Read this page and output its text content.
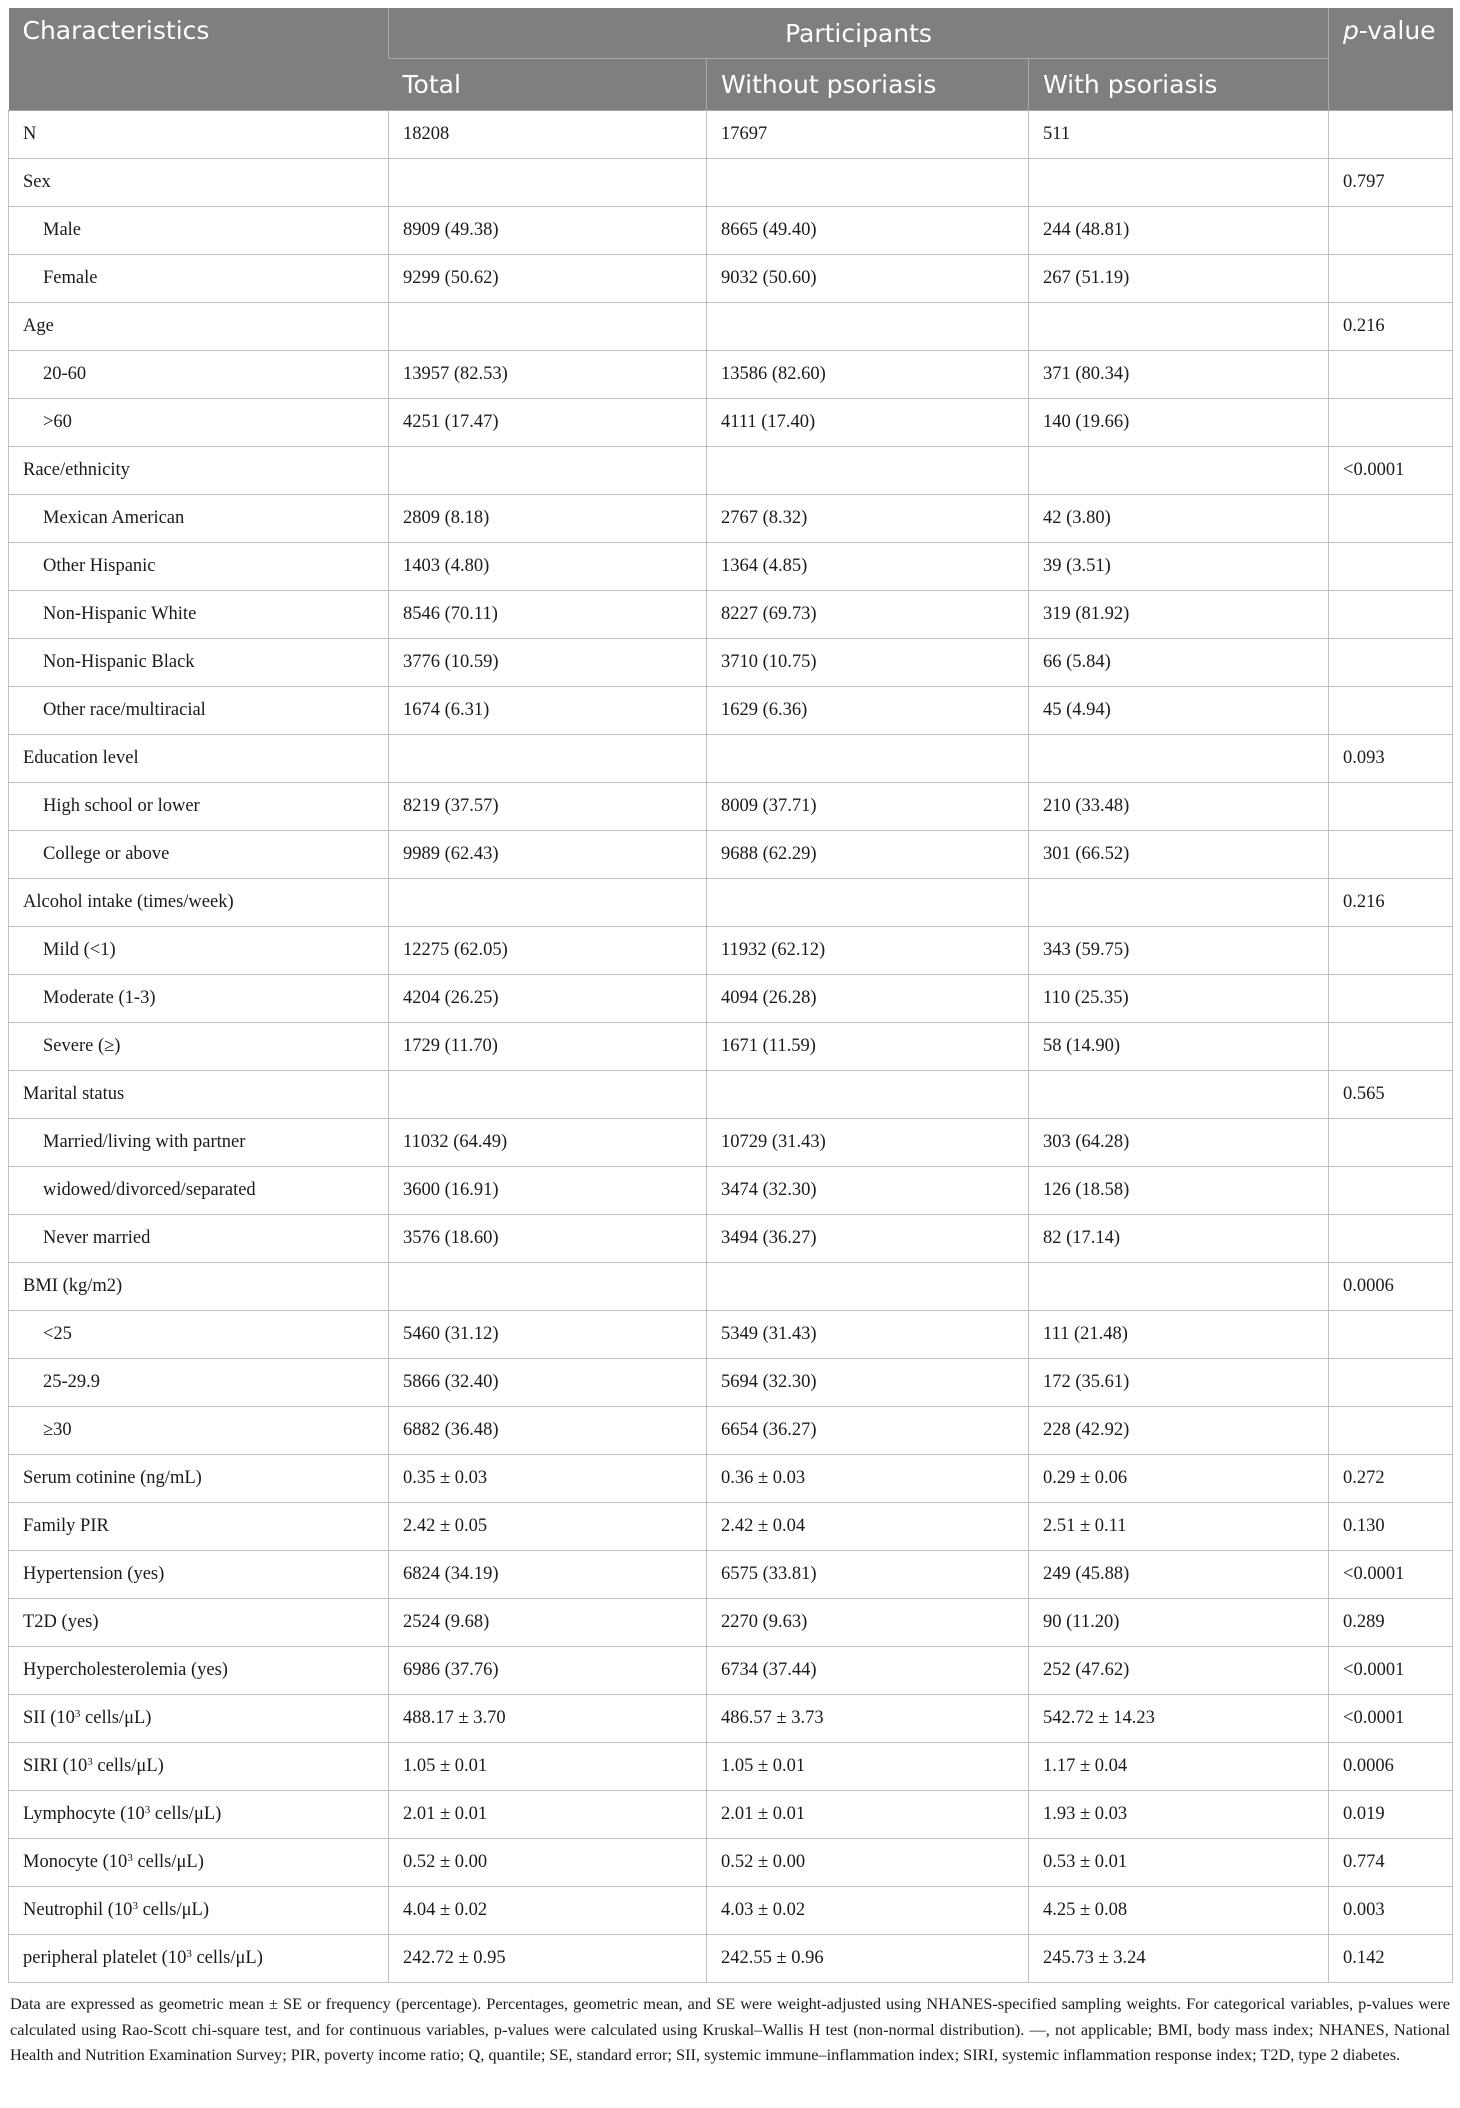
Characteristics	Participants			p-value
	Total	Without psoriasis	With psoriasis	
N	18208	17697	511	
Sex				0.797
Male	8909 (49.38)	8665 (49.40)	244 (48.81)	
Female	9299 (50.62)	9032 (50.60)	267 (51.19)	
Age				0.216
20-60	13957 (82.53)	13586 (82.60)	371 (80.34)	
>60	4251 (17.47)	4111 (17.40)	140 (19.66)	
Race/ethnicity				<0.0001
Mexican American	2809 (8.18)	2767 (8.32)	42 (3.80)	
Other Hispanic	1403 (4.80)	1364 (4.85)	39 (3.51)	
Non-Hispanic White	8546 (70.11)	8227 (69.73)	319 (81.92)	
Non-Hispanic Black	3776 (10.59)	3710 (10.75)	66 (5.84)	
Other race/multiracial	1674 (6.31)	1629 (6.36)	45 (4.94)	
Education level				0.093
High school or lower	8219 (37.57)	8009 (37.71)	210 (33.48)	
College or above	9989 (62.43)	9688 (62.29)	301 (66.52)	
Alcohol intake (times/week)				0.216
Mild (<1)	12275 (62.05)	11932 (62.12)	343 (59.75)	
Moderate (1-3)	4204 (26.25)	4094 (26.28)	110 (25.35)	
Severe (≥)	1729 (11.70)	1671 (11.59)	58 (14.90)	
Marital status				0.565
Married/living with partner	11032 (64.49)	10729 (31.43)	303 (64.28)	
widowed/divorced/separated	3600 (16.91)	3474 (32.30)	126 (18.58)	
Never married	3576 (18.60)	3494 (36.27)	82 (17.14)	
BMI (kg/m2)				0.0006
<25	5460 (31.12)	5349 (31.43)	111 (21.48)	
25-29.9	5866 (32.40)	5694 (32.30)	172 (35.61)	
≥30	6882 (36.48)	6654 (36.27)	228 (42.92)	
Serum cotinine (ng/mL)	0.35 ± 0.03	0.36 ± 0.03	0.29 ± 0.06	0.272
Family PIR	2.42 ± 0.05	2.42 ± 0.04	2.51 ± 0.11	0.130
Hypertension (yes)	6824 (34.19)	6575 (33.81)	249 (45.88)	<0.0001
T2D (yes)	2524 (9.68)	2270 (9.63)	90 (11.20)	0.289
Hypercholesterolemia (yes)	6986 (37.76)	6734 (37.44)	252 (47.62)	<0.0001
SII ($10^3$ cells/μL)	488.17 ± 3.70	486.57 ± 3.73	542.72 ± 14.23	<0.0001
SIRI ($10^3$ cells/μL)	1.05 ± 0.01	1.05 ± 0.01	1.17 ± 0.04	0.0006
Lymphocyte ($10^3$ cells/μL)	2.01 ± 0.01	2.01 ± 0.01	1.93 ± 0.03	0.019
Monocyte ($10^3$ cells/μL)	0.52 ± 0.00	0.52 ± 0.00	0.53 ± 0.01	0.774
Neutrophil ($10^3$ cells/μL)	4.04 ± 0.02	4.03 ± 0.02	4.25 ± 0.08	0.003
peripheral platelet ($10^3$ cells/μL)	242.72 ± 0.95	242.55 ± 0.96	245.73 ± 3.24	0.142
Data are expressed as geometric mean ± SE or frequency (percentage). Percentages, geometric mean, and SE were weight-adjusted using NHANES-specified sampling weights. For categorical variables, p-values were calculated using Rao-Scott chi-square test, and for continuous variables, p-values were calculated using Kruskal–Wallis H test (non-normal distribution). —, not applicable; BMI, body mass index; NHANES, National Health and Nutrition Examination Survey; PIR, poverty income ratio; Q, quantile; SE, standard error; SII, systemic immune–inflammation index; SIRI, systemic inflammation response index; T2D, type 2 diabetes.
